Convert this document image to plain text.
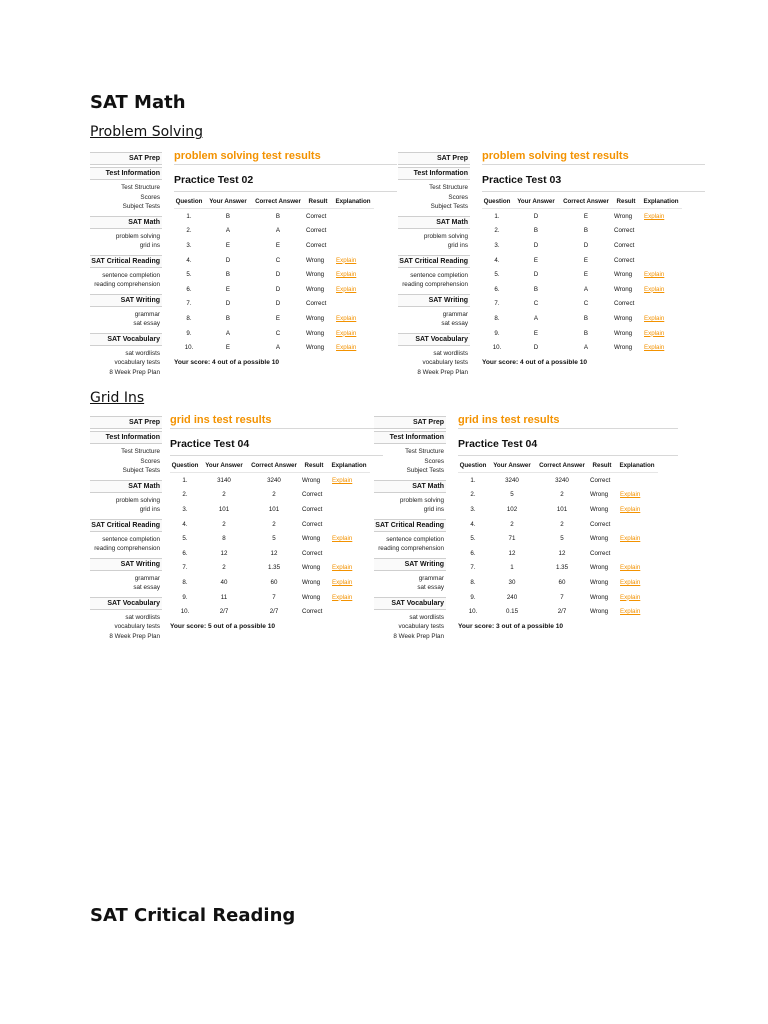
SAT Math
Problem Solving
SAT Prep
Test Information
Test Structure
Scores
Subject Tests
SAT Math
problem solving
grid ins
SAT Critical Reading
sentence completion
reading comprehension
SAT Writing
grammar
sat essay
SAT Vocabulary
sat wordlists
vocabulary tests
8 Week Prep Plan
problem solving test results
Practice Test 02
Question	Your Answer	Correct Answer	Result	Explanation
1.	B	B	Correct	
2.	A	A	Correct	
3.	E	E	Correct	
4.	D	C	Wrong	Explain
5.	B	D	Wrong	Explain
6.	E	D	Wrong	Explain
7.	D	D	Correct	
8.	B	E	Wrong	Explain
9.	A	C	Wrong	Explain
10.	E	A	Wrong	Explain
Your score: 4 out of a possible 10
SAT Prep
Test Information
Test Structure
Scores
Subject Tests
SAT Math
problem solving
grid ins
SAT Critical Reading
sentence completion
reading comprehension
SAT Writing
grammar
sat essay
SAT Vocabulary
sat wordlists
vocabulary tests
8 Week Prep Plan
problem solving test results
Practice Test 03
Question	Your Answer	Correct Answer	Result	Explanation
1.	D	E	Wrong	Explain
2.	B	B	Correct	
3.	D	D	Correct	
4.	E	E	Correct	
5.	D	E	Wrong	Explain
6.	B	A	Wrong	Explain
7.	C	C	Correct	
8.	A	B	Wrong	Explain
9.	E	B	Wrong	Explain
10.	D	A	Wrong	Explain
Your score: 4 out of a possible 10
Grid Ins
SAT Prep
Test Information
Test Structure
Scores
Subject Tests
SAT Math
problem solving
grid ins
SAT Critical Reading
sentence completion
reading comprehension
SAT Writing
grammar
sat essay
SAT Vocabulary
sat wordlists
vocabulary tests
8 Week Prep Plan
grid ins test results
Practice Test 04
Question	Your Answer	Correct Answer	Result	Explanation
1.	3140	3240	Wrong	Explain
2.	2	2	Correct	
3.	101	101	Correct	
4.	2	2	Correct	
5.	8	5	Wrong	Explain
6.	12	12	Correct	
7.	2	1.35	Wrong	Explain
8.	40	60	Wrong	Explain
9.	11	7	Wrong	Explain
10.	2/7	2/7	Correct	
Your score: 5 out of a possible 10
SAT Prep
Test Information
Test Structure
Scores
Subject Tests
SAT Math
problem solving
grid ins
SAT Critical Reading
sentence completion
reading comprehension
SAT Writing
grammar
sat essay
SAT Vocabulary
sat wordlists
vocabulary tests
8 Week Prep Plan
grid ins test results
Practice Test 04
Question	Your Answer	Correct Answer	Result	Explanation
1.	3240	3240	Correct	
2.	5	2	Wrong	Explain
3.	102	101	Wrong	Explain
4.	2	2	Correct	
5.	71	5	Wrong	Explain
6.	12	12	Correct	
7.	1	1.35	Wrong	Explain
8.	30	60	Wrong	Explain
9.	240	7	Wrong	Explain
10.	0.15	2/7	Wrong	Explain
Your score: 3 out of a possible 10
SAT Critical Reading
